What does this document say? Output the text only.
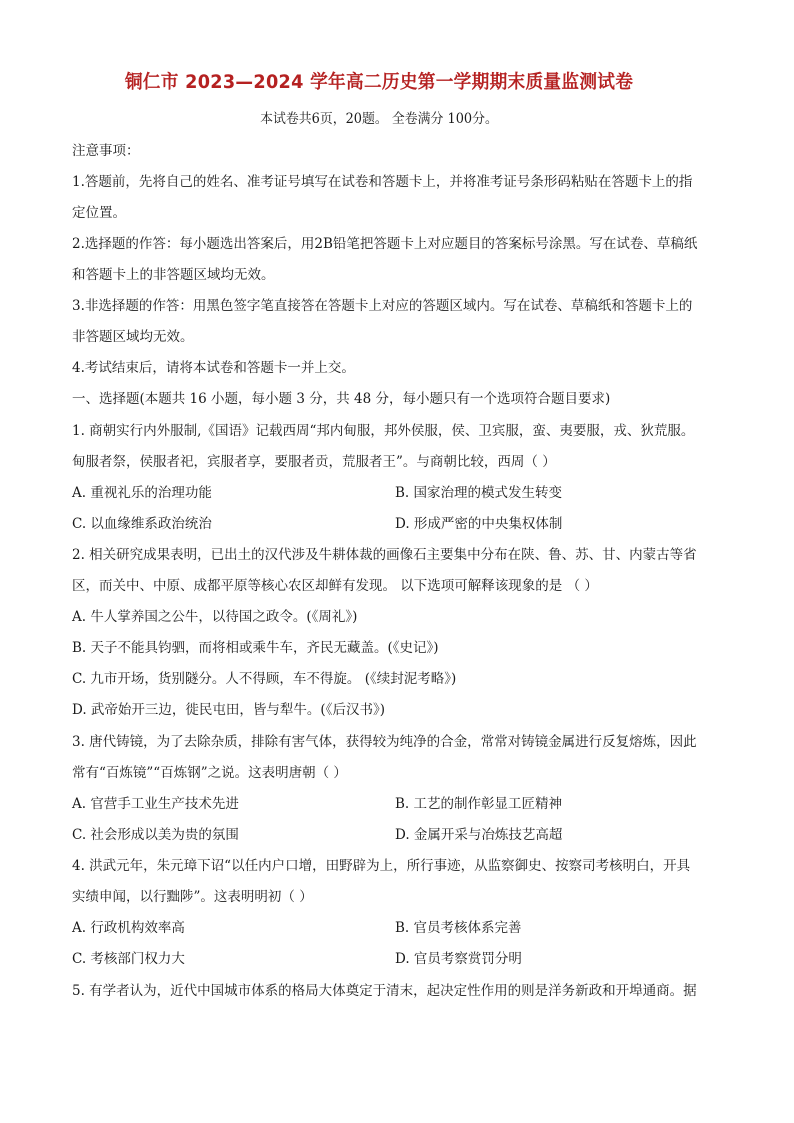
铜仁市 2023—2024 学年高二历史第一学期期末质量监测试卷
本试卷共6页，20题。 全卷满分 100分。
注意事项：
1.答题前，先将自己的姓名、准考证号填写在试卷和答题卡上，并将准考证号条形码粘贴在答题卡上的指
定位置。
2.选择题的作答：每小题选出答案后，用2B铅笔把答题卡上对应题目的答案标号涂黑。写在试卷、草稿纸
和答题卡上的非答题区域均无效。
3.非选择题的作答：用黑色签字笔直接答在答题卡上对应的答题区域内。写在试卷、草稿纸和答题卡上的
非答题区域均无效。
4.考试结束后，请将本试卷和答题卡一并上交。
一、选择题(本题共 16 小题，每小题 3 分，共 48 分，每小题只有一个选项符合题目要求)
1. 商朝实行内外服制,《国语》记载西周“邦内甸服，邦外侯服，侯、卫宾服，蛮、夷要服，戎、狄荒服。
甸服者祭，侯服者祀，宾服者享，要服者贡，荒服者王”。与商朝比较，西周（ ）
A. 重视礼乐的治理功能	B. 国家治理的模式发生转变
C. 以血缘维系政治统治	D. 形成严密的中央集权体制
2. 相关研究成果表明，已出土的汉代涉及牛耕体裁的画像石主要集中分布在陕、鲁、苏、甘、内蒙古等省
区，而关中、中原、成都平原等核心农区却鲜有发现。 以下选项可解释该现象的是 （ ）
A. 牛人掌养国之公牛，以待国之政令。(《周礼》)
B. 天子不能具钧驷，而将相或乘牛车，齐民无藏盖。(《史记》)
C. 九市开场，货别隧分。人不得顾，车不得旋。 (《续封泥考略》)
D. 武帝始开三边，徙民屯田，皆与犁牛。(《后汉书》)
3. 唐代铸镜，为了去除杂质，排除有害气体，获得较为纯净的合金，常常对铸镜金属进行反复熔炼，因此
常有“百炼镜”“百炼钢”之说。这表明唐朝（ ）
A. 官营手工业生产技术先进	B. 工艺的制作彰显工匠精神
C. 社会形成以美为贵的氛围	D. 金属开采与冶炼技艺高超
4. 洪武元年，朱元璋下诏“以任内户口增，田野辟为上，所行事迹，从监察御史、按察司考核明白，开具
实绩申闻，以行黜陟”。这表明明初（ ）
A. 行政机构效率高	B. 官员考核体系完善
C. 考核部门权力大	D. 官员考察赏罚分明
5. 有学者认为，近代中国城市体系的格局大体奠定于清末，起决定性作用的则是洋务新政和开埠通商。据
